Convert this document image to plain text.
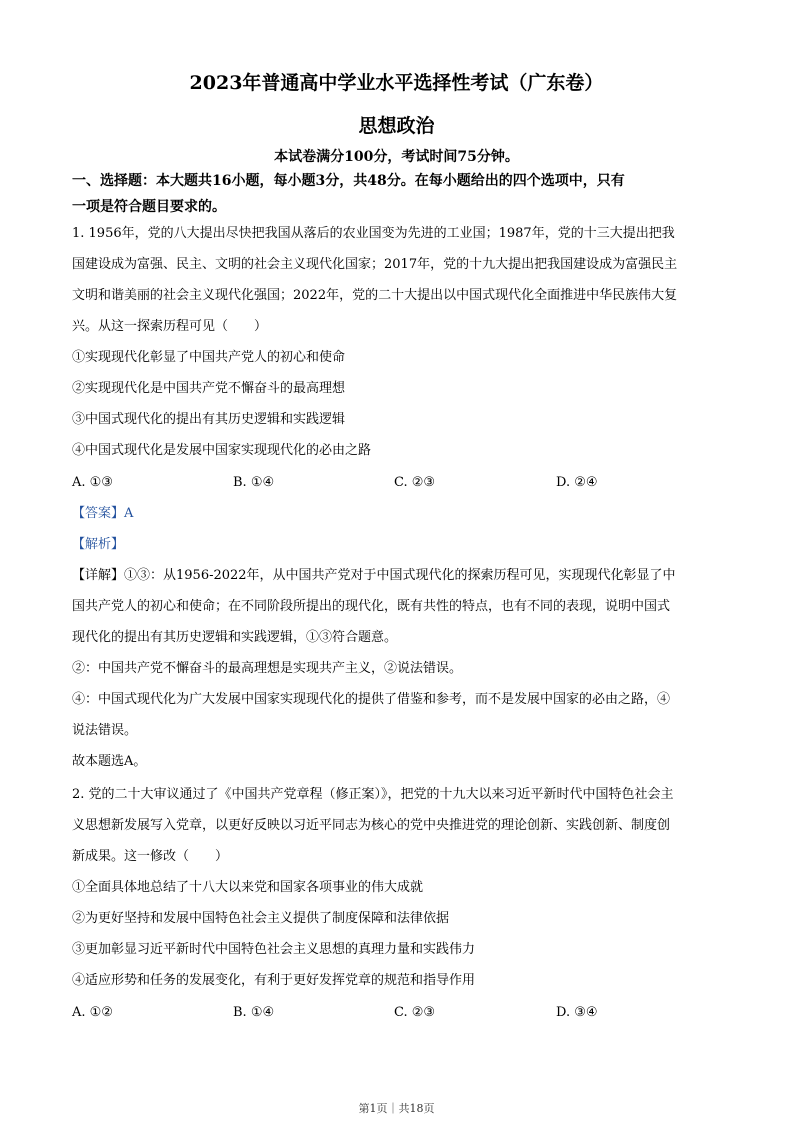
2023年普通高中学业水平选择性考试（广东卷）
思想政治
本试卷满分100分，考试时间75分钟。
一、选择题：本大题共16小题，每小题3分，共48分。在每小题给出的四个选项中，只有
一项是符合题目要求的。
1. 1956年，党的八大提出尽快把我国从落后的农业国变为先进的工业国；1987年，党的十三大提出把我
国建设成为富强、民主、文明的社会主义现代化国家；2017年，党的十九大提出把我国建设成为富强民主
文明和谐美丽的社会主义现代化强国；2022年，党的二十大提出以中国式现代化全面推进中华民族伟大复
兴。从这一探索历程可见（　　）
①实现现代化彰显了中国共产党人的初心和使命
②实现现代化是中国共产党不懈奋斗的最高理想
③中国式现代化的提出有其历史逻辑和实践逻辑
④中国式现代化是发展中国家实现现代化的必由之路
A. ①③	B. ①④	C. ②③	D. ②④
【答案】A
【解析】
【详解】①③：从1956-2022年，从中国共产党对于中国式现代化的探索历程可见，实现现代化彰显了中
国共产党人的初心和使命；在不同阶段所提出的现代化，既有共性的特点，也有不同的表现，说明中国式
现代化的提出有其历史逻辑和实践逻辑，①③符合题意。
②：中国共产党不懈奋斗的最高理想是实现共产主义，②说法错误。
④：中国式现代化为广大发展中国家实现现代化的提供了借鉴和参考，而不是发展中国家的必由之路，④
说法错误。
故本题选A。
2. 党的二十大审议通过了《中国共产党章程（修正案）》，把党的十九大以来习近平新时代中国特色社会主
义思想新发展写入党章，以更好反映以习近平同志为核心的党中央推进党的理论创新、实践创新、制度创
新成果。这一修改（　　）
①全面具体地总结了十八大以来党和国家各项事业的伟大成就
②为更好坚持和发展中国特色社会主义提供了制度保障和法律依据
③更加彰显习近平新时代中国特色社会主义思想的真理力量和实践伟力
④适应形势和任务的发展变化，有利于更好发挥党章的规范和指导作用
A. ①②	B. ①④	C. ②③	D. ③④
第1页｜共18页
